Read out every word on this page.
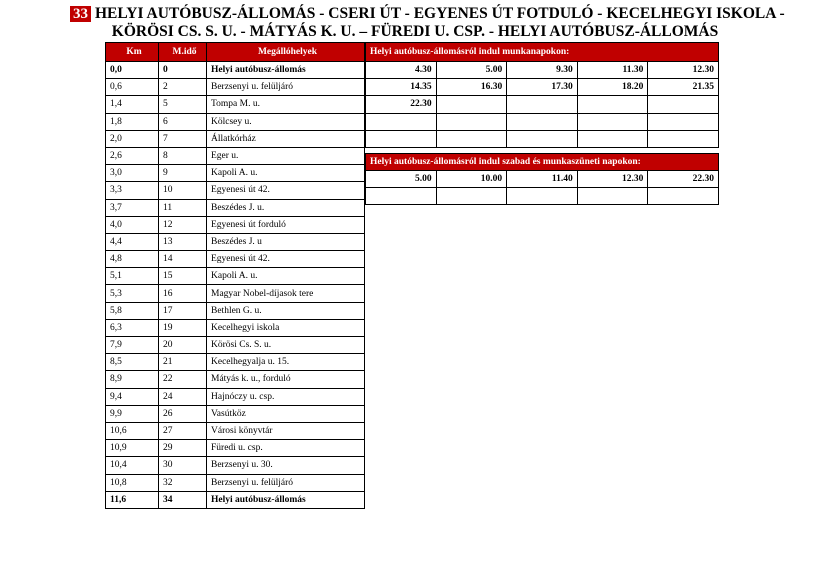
33 HELYI AUTÓBUSZ-ÁLLOMÁS - CSERI ÚT - EGYENES ÚT FOTDULÓ - KECELHEGYI ISKOLA -
KÖRÖSI CS. S. U. - MÁTYÁS K. U. – FÜREDI U. CSP. - HELYI AUTÓBUSZ-ÁLLOMÁS
Km	M.idő	Megállóhelyek
0,0	0	Helyi autóbusz-állomás
0,6	2	Berzsenyi u. felüljáró
1,4	5	Tompa M. u.
1,8	6	Kölcsey u.
2,0	7	Állatkórház
2,6	8	Eger u.
3,0	9	Kapoli A. u.
3,3	10	Egyenesi út 42.
3,7	11	Beszédes J. u.
4,0	12	Egyenesi út forduló
4,4	13	Beszédes J. u
4,8	14	Egyenesi út 42.
5,1	15	Kapoli A. u.
5,3	16	Magyar Nobel-díjasok tere
5,8	17	Bethlen G. u.
6,3	19	Kecelhegyi iskola
7,9	20	Körösi Cs. S. u.
8,5	21	Kecelhegyalja u. 15.
8,9	22	Mátyás k. u., forduló
9,4	24	Hajnóczy u. csp.
9,9	26	Vasútköz
10,6	27	Városi könyvtár
10,9	29	Füredi u. csp.
10,4	30	Berzsenyi u. 30.
10,8	32	Berzsenyi u. felüljáró
11,6	34	Helyi autóbusz-állomás
Helyi autóbusz-állomásról indul munkanapokon:				
4.30	5.00	9.30	11.30	12.30
14.35	16.30	17.30	18.20	21.35
22.30				

Helyi autóbusz-állomásról indul szabad és munkaszüneti napokon:				
5.00	10.00	11.40	12.30	22.30
